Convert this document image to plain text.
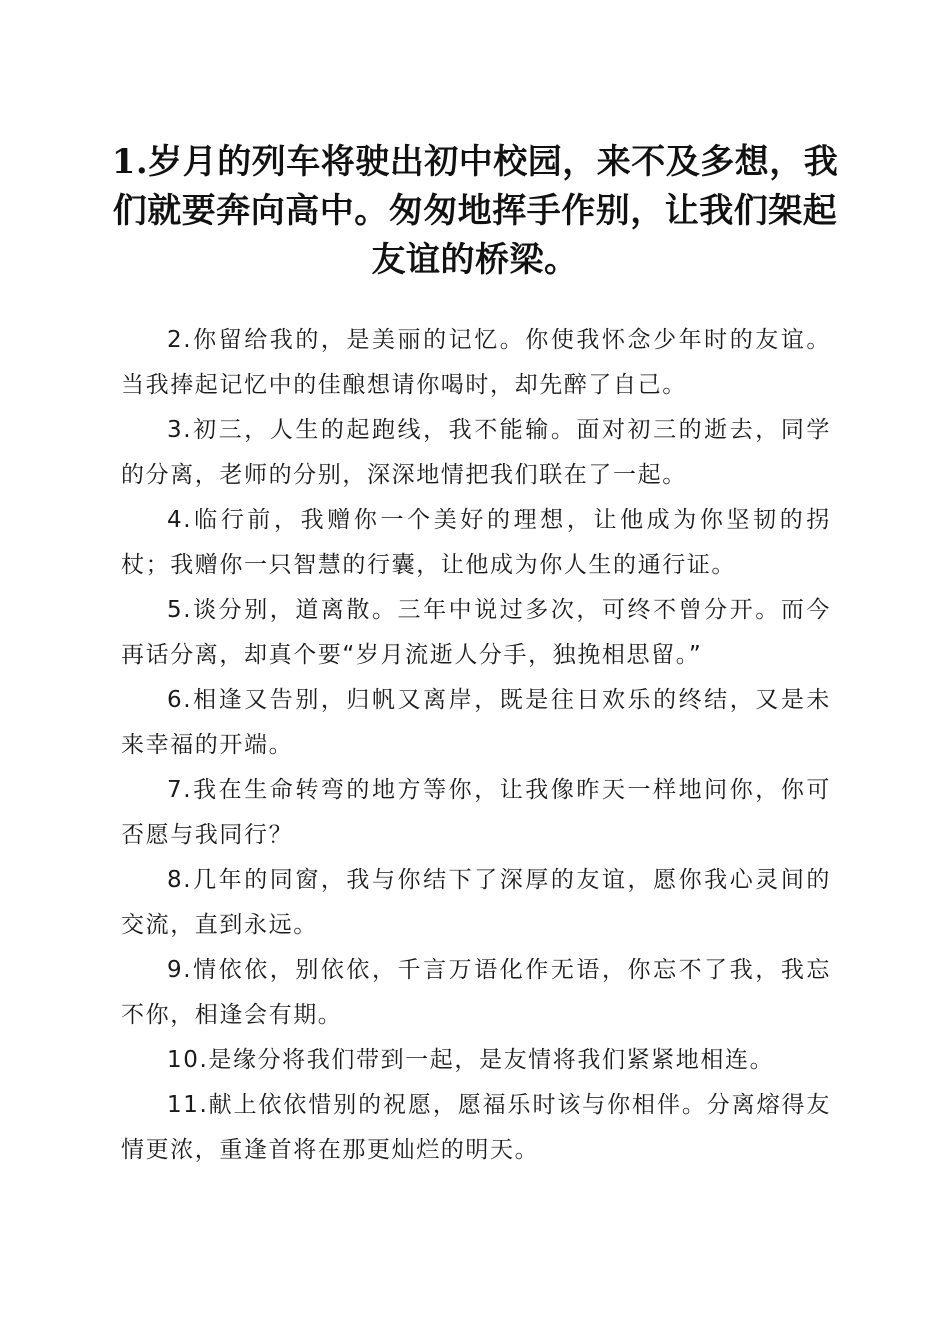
1.岁月的列车将驶出初中校园，来不及多想，我们就要奔向高中。匆匆地挥手作别，让我们架起友谊的桥梁。

2.你留给我的，是美丽的记忆。你使我怀念少年时的友谊。当我捧起记忆中的佳酿想请你喝时，却先醉了自己。

3.初三，人生的起跑线，我不能输。面对初三的逝去，同学的分离，老师的分别，深深地情把我们联在了一起。

4.临行前，我赠你一个美好的理想，让他成为你坚韧的拐杖；我赠你一只智慧的行囊，让他成为你人生的通行证。

5.谈分别，道离散。三年中说过多次，可终不曾分开。而今再话分离，却真个要“岁月流逝人分手，独挽相思留。”

6.相逢又告别，归帆又离岸，既是往日欢乐的终结，又是未来幸福的开端。

7.我在生命转弯的地方等你，让我像昨天一样地问你，你可否愿与我同行？

8.几年的同窗，我与你结下了深厚的友谊，愿你我心灵间的交流，直到永远。

9.情依依，别依依，千言万语化作无语，你忘不了我，我忘不你，相逢会有期。

10.是缘分将我们带到一起，是友情将我们紧紧地相连。

11.献上依依惜别的祝愿，愿福乐时该与你相伴。分离熔得友情更浓，重逢首将在那更灿烂的明天。
